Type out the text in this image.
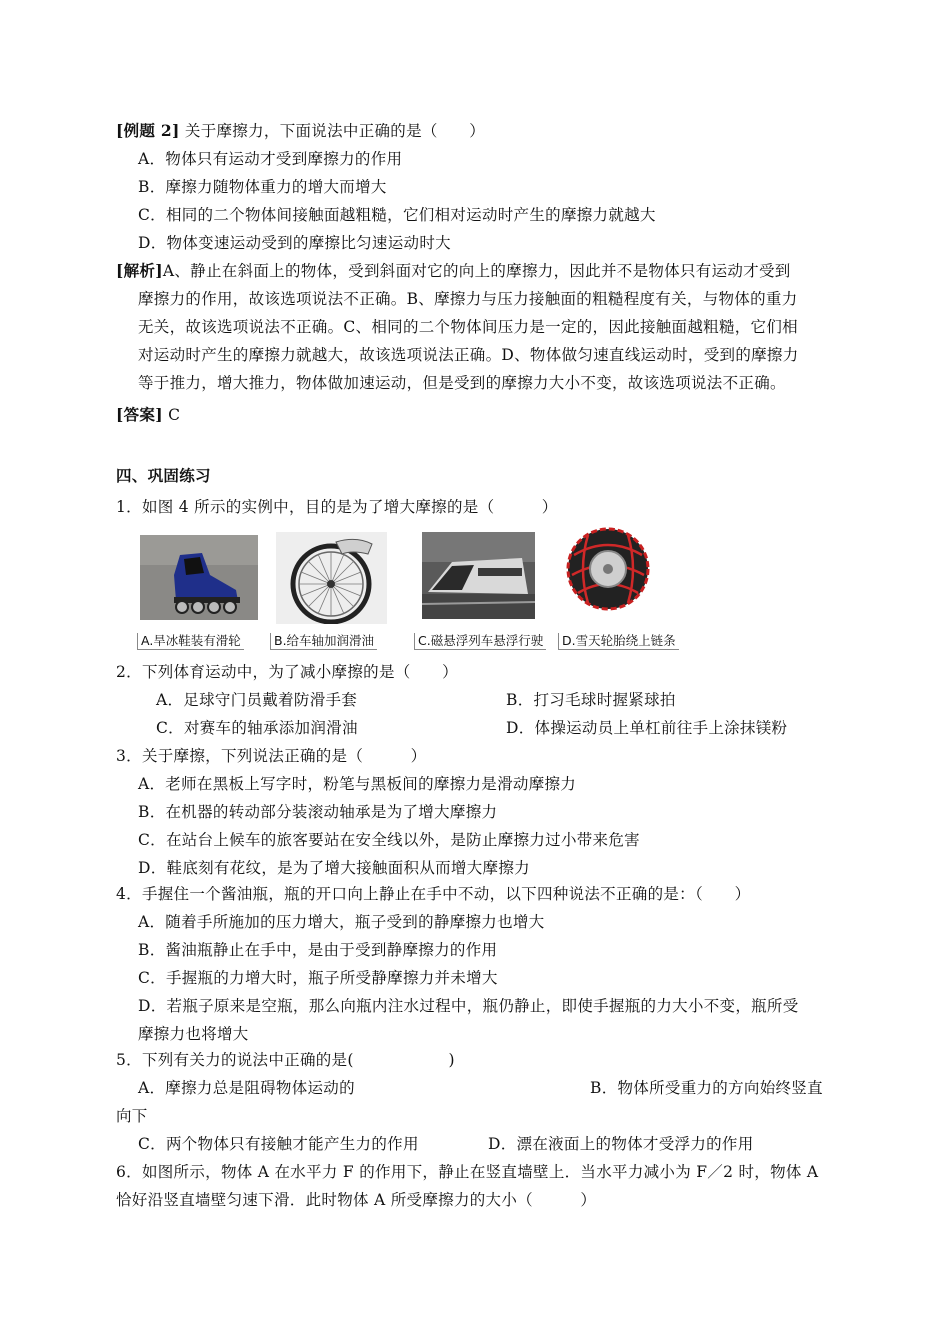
[例题 2] 关于摩擦力，下面说法中正确的是（　　）
A．物体只有运动才受到摩擦力的作用
B．摩擦力随物体重力的增大而增大
C．相同的二个物体间接触面越粗糙，它们相对运动时产生的摩擦力就越大
D．物体变速运动受到的摩擦比匀速运动时大
[解析]A、静止在斜面上的物体，受到斜面对它的向上的摩擦力，因此并不是物体只有运动才受到
摩擦力的作用，故该选项说法不正确。B、摩擦力与压力接触面的粗糙程度有关，与物体的重力
无关，故该选项说法不正确。C、相同的二个物体间压力是一定的，因此接触面越粗糙，它们相
对运动时产生的摩擦力就越大，故该选项说法正确。D、物体做匀速直线运动时，受到的摩擦力
等于推力，增大推力，物体做加速运动，但是受到的摩擦力大小不变，故该选项说法不正确。
[答案] C
四、巩固练习
1．如图 4 所示的实例中，目的是为了增大摩擦的是（　　　）
A.旱冰鞋装有滑轮	B.给车轴加润滑油	C.磁悬浮列车悬浮行驶	D.雪天轮胎绕上链条
2．下列体育运动中，为了减小摩擦的是（　　）
A．足球守门员戴着防滑手套	B．打习毛球时握紧球拍
C．对赛车的轴承添加润滑油	D．体操运动员上单杠前往手上涂抹镁粉
3．关于摩擦，下列说法正确的是（　　　）
A．老师在黑板上写字时，粉笔与黑板间的摩擦力是滑动摩擦力
B．在机器的转动部分装滚动轴承是为了增大摩擦力
C．在站台上候车的旅客要站在安全线以外，是防止摩擦力过小带来危害
D．鞋底刻有花纹，是为了增大接触面积从而增大摩擦力
4．手握住一个酱油瓶，瓶的开口向上静止在手中不动，以下四种说法不正确的是：（　　）
A．随着手所施加的压力增大，瓶子受到的静摩擦力也增大
B．酱油瓶静止在手中，是由于受到静摩擦力的作用
C．手握瓶的力增大时，瓶子所受静摩擦力并未增大
D．若瓶子原来是空瓶，那么向瓶内注水过程中，瓶仍静止，即使手握瓶的力大小不变，瓶所受
摩擦力也将增大
5．下列有关力的说法中正确的是(　　　　　　)
A．摩擦力总是阻碍物体运动的	B．物体所受重力的方向始终竖直
向下
C．两个物体只有接触才能产生力的作用	D．漂在液面上的物体才受浮力的作用
6．如图所示，物体 A 在水平力 F 的作用下，静止在竖直墙壁上．当水平力减小为 F／2 时，物体 A
恰好沿竖直墙壁匀速下滑．此时物体 A 所受摩擦力的大小（　　　）
